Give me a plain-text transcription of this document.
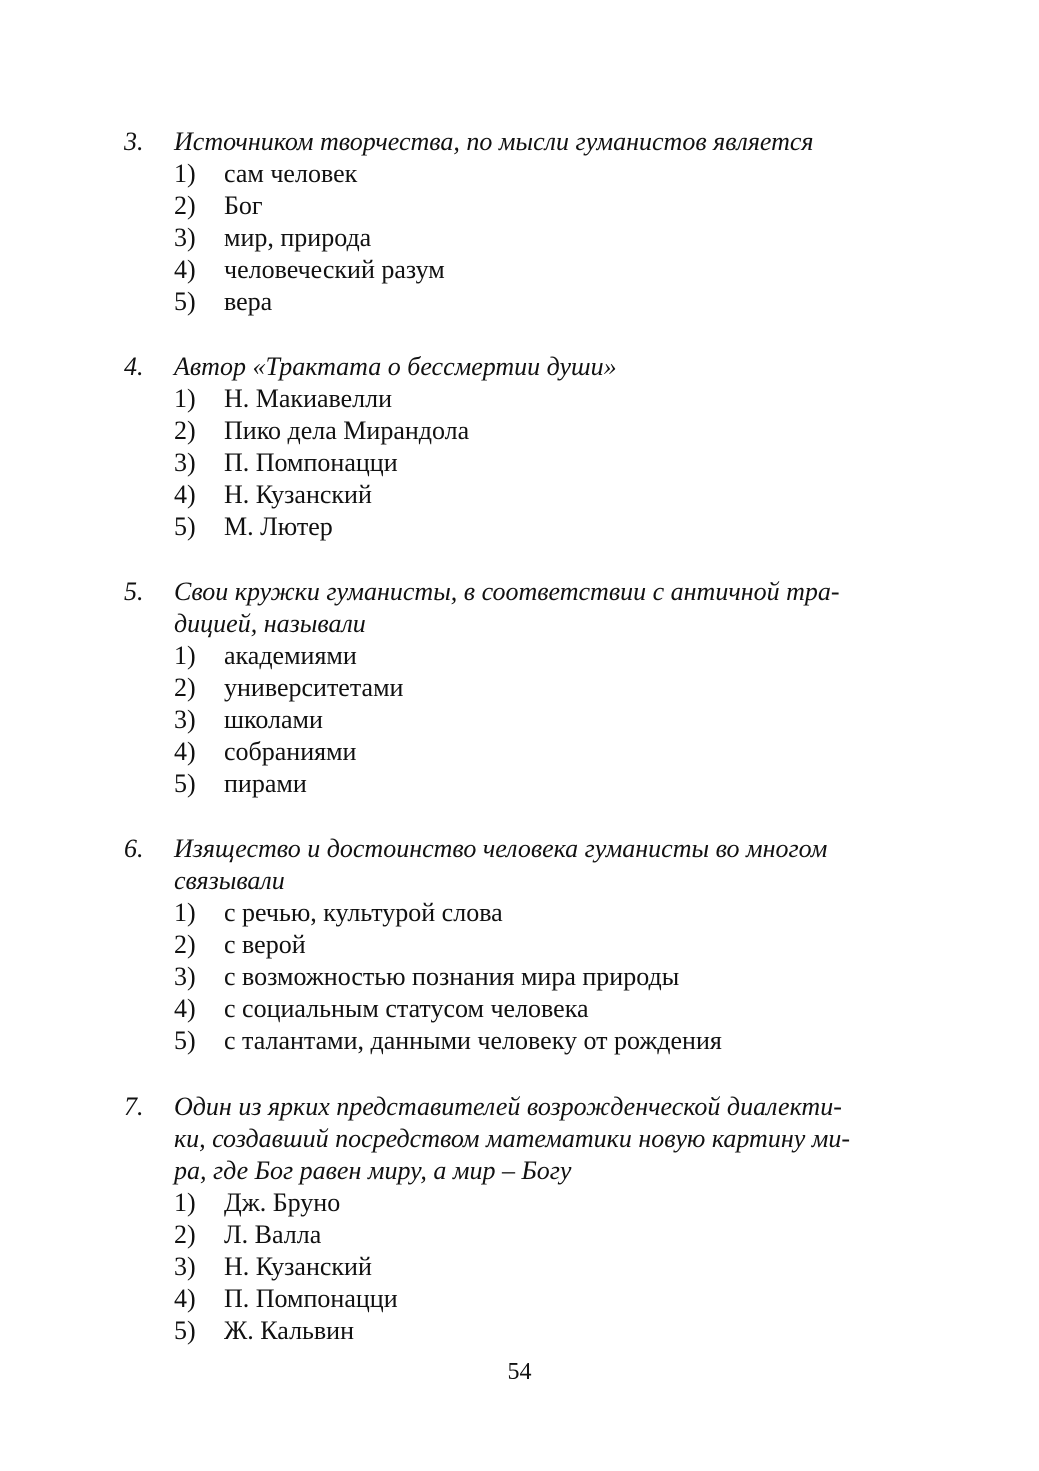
3. Источником творчества, по мысли гуманистов является
1) сам человек
2) Бог
3) мир, природа
4) человеческий разум
5) вера
4. Автор «Трактата о бессмертии души»
1) Н. Макиавелли
2) Пико дела Мирандола
3) П. Помпонацци
4) Н. Кузанский
5) М. Лютер
5. Свои кружки гуманисты, в соответствии с античной тра-
дицией, называли
1) академиями
2) университетами
3) школами
4) собраниями
5) пирами
6. Изящество и достоинство человека гуманисты во многом
связывали
1) с речью, культурой слова
2) с верой
3) с возможностью познания мира природы
4) с социальным статусом человека
5) с талантами, данными человеку от рождения
7. Один из ярких представителей возрожденческой диалекти-
ки, создавший посредством математики новую картину ми-
ра, где Бог равен миру, а мир – Богу
1) Дж. Бруно
2) Л. Валла
3) Н. Кузанский
4) П. Помпонацци
5) Ж. Кальвин
54
